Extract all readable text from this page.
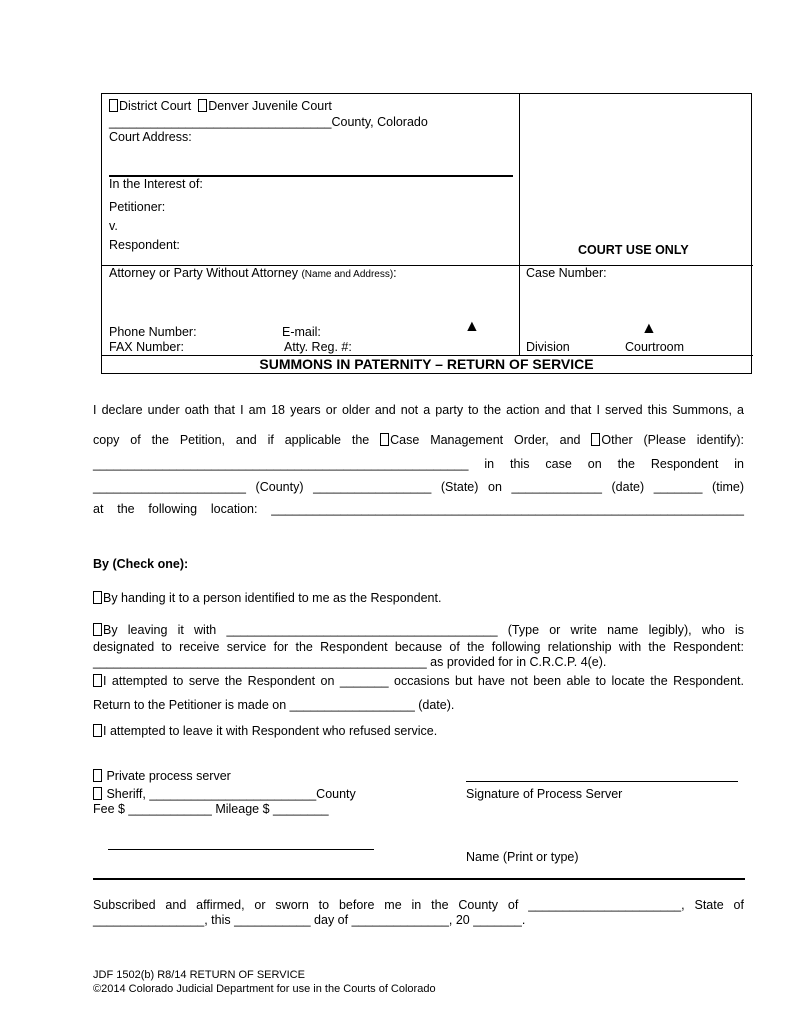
District Court Denver Juvenile Court
________________________________County, Colorado
Court Address:
In the Interest of:
Petitioner:
v.
Respondent:	COURT USE ONLY
Attorney or Party Without Attorney (Name and Address):	Case Number:
▲	▲
Phone Number:	E-mail:
FAX Number:	Atty. Reg. #:	Division	Courtroom
SUMMONS IN PATERNITY – RETURN OF SERVICE
I declare under oath that I am 18 years or older and not a party to the action and that I served this Summons, a
copy of the Petition, and if applicable the Case Management Order, and Other (Please identify):
______________________________________________________ in this case on the Respondent in
______________________ (County) _________________ (State) on _____________ (date) _______ (time)
at the following location: ____________________________________________________________________
By (Check one):
By handing it to a person identified to me as the Respondent.
By leaving it with _______________________________________ (Type or write name legibly), who is
designated to receive service for the Respondent because of the following relationship with the Respondent:
________________________________________________ as provided for in C.R.C.P. 4(e).
I attempted to serve the Respondent on _______ occasions but have not been able to locate the Respondent.
Return to the Petitioner is made on __________________ (date).
I attempted to leave it with Respondent who refused service.
Private process server
Sheriff, ________________________County
Fee $ ____________ Mileage $ ________
Signature of Process Server
Name (Print or type)
Subscribed and affirmed, or sworn to before me in the County of ______________________, State of
________________, this ___________ day of ______________, 20 _______.
JDF 1502(b) R8/14 RETURN OF SERVICE
©2014 Colorado Judicial Department for use in the Courts of Colorado
